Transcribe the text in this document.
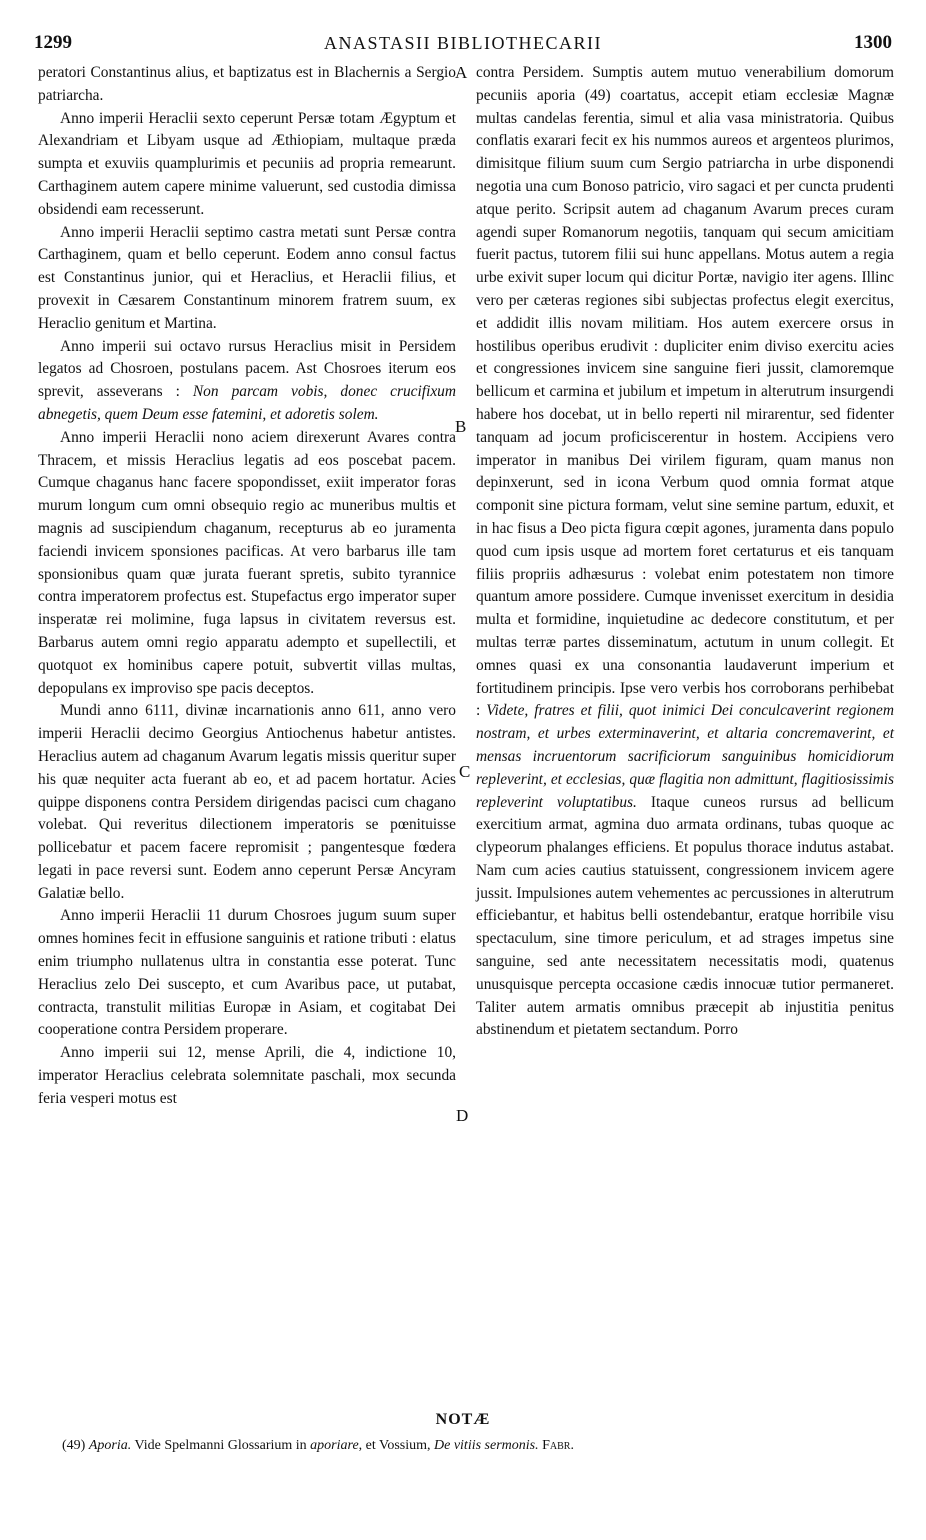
1299	ANASTASII BIBLIOTHECARII	1300

peratori Constantinus alius, et baptizatus est in Blachernis a Sergio patriarcha.

Anno imperii Heraclii sexto ceperunt Persæ totam Ægyptum et Alexandriam et Libyam usque ad Æthiopiam, multaque præda sumpta et exuviis quamplurimis et pecuniis ad propria remearunt. Carthaginem autem capere minime valuerunt, sed custodia dimissa obsidendi eam recesserunt.

Anno imperii Heraclii septimo castra metati sunt Persæ contra Carthaginem, quam et bello ceperunt. Eodem anno consul factus est Constantinus junior, qui et Heraclius, et Heraclii filius, et provexit in Cæsarem Constantinum minorem fratrem suum, ex Heraclio genitum et Martina.

Anno imperii sui octavo rursus Heraclius misit in Persidem legatos ad Chosroen, postulans pacem. Ast Chosroes iterum eos sprevit, asseverans : Non parcam vobis, donec crucifixum abnegetis, quem Deum esse fatemini, et adoretis solem.

Anno imperii Heraclii nono aciem direxerunt Avares contra Thracem, et missis Heraclius legatis ad eos poscebat pacem. Cumque chaganus hanc facere spopondisset, exiit imperator foras murum longum cum omni obsequio regio ac muneribus multis et magnis ad suscipiendum chaganum, recepturus ab eo juramenta faciendi invicem sponsiones pacificas. At vero barbarus ille tam sponsionibus quam quæ jurata fuerant spretis, subito tyrannice contra imperatorem profectus est. Stupefactus ergo imperator super insperatæ rei molimine, fuga lapsus in civitatem reversus est. Barbarus autem omni regio apparatu adempto et supellectili, et quotquot ex hominibus capere potuit, subvertit villas multas, depopulans ex improviso spe pacis deceptos.

Mundi anno 6111, divinæ incarnationis anno 611, anno vero imperii Heraclii decimo Georgius Antiochenus habetur antistes. Heraclius autem ad chaganum Avarum legatis missis queritur super his quæ nequiter acta fuerant ab eo, et ad pacem hortatur. Acies quippe disponens contra Persidem dirigendas pacisci cum chagano volebat. Qui reveritus dilectionem imperatoris se pœnituisse pollicebatur et pacem facere repromisit ; pangentesque fœdera legati in pace reversi sunt. Eodem anno ceperunt Persæ Ancyram Galatiæ bello.

Anno imperii Heraclii 11 durum Chosroes jugum suum super omnes homines fecit in effusione sanguinis et ratione tributi : elatus enim triumpho nullatenus ultra in constantia esse poterat. Tunc Heraclius zelo Dei suscepto, et cum Avaribus pace, ut putabat, contracta, transtulit militias Europæ in Asiam, et cogitabat Dei cooperatione contra Persidem properare.

Anno imperii sui 12, mense Aprili, die 4, indictione 10, imperator Heraclius celebrata solemnitate paschali, mox secunda feria vesperi motus est

A
B
C
D

contra Persidem. Sumptis autem mutuo venerabilium domorum pecuniis aporia (49) coartatus, accepit etiam ecclesiæ Magnæ multas candelas ferentia, simul et alia vasa ministratoria. Quibus conflatis exarari fecit ex his nummos aureos et argenteos plurimos, dimisitque filium suum cum Sergio patriarcha in urbe disponendi negotia una cum Bonoso patricio, viro sagaci et per cuncta prudenti atque perito. Scripsit autem ad chaganum Avarum preces curam agendi super Romanorum negotiis, tanquam qui secum amicitiam fuerit pactus, tutorem filii sui hunc appellans. Motus autem a regia urbe exivit super locum qui dicitur Portæ, navigio iter agens. Illinc vero per cæteras regiones sibi subjectas profectus elegit exercitus, et addidit illis novam militiam. Hos autem exercere orsus in hostilibus operibus erudivit : dupliciter enim diviso exercitu acies et congressiones invicem sine sanguine fieri jussit, clamoremque bellicum et carmina et jubilum et impetum in alterutrum insurgendi habere hos docebat, ut in bello reperti nil mirarentur, sed fidenter tanquam ad jocum proficiscerentur in hostem. Accipiens vero imperator in manibus Dei virilem figuram, quam manus non depinxerunt, sed in icona Verbum quod omnia format atque componit sine pictura formam, velut sine semine partum, eduxit, et in hac fisus a Deo picta figura cœpit agones, juramenta dans populo quod cum ipsis usque ad mortem foret certaturus et eis tanquam filiis propriis adhæsurus : volebat enim potestatem non timore quantum amore possidere. Cumque invenisset exercitum in desidia multa et formidine, inquietudine ac dedecore constitutum, et per multas terræ partes disseminatum, actutum in unum collegit. Et omnes quasi ex una consonantia laudaverunt imperium et fortitudinem principis. Ipse vero verbis hos corroborans perhibebat : Videte, fratres et filii, quot inimici Dei conculcaverint regionem nostram, et urbes exterminaverint, et altaria concremaverint, et mensas incruentorum sacrificiorum sanguinibus homicidiorum repleverint, et ecclesias, quæ flagitia non admittunt, flagitiosissimis repleverint voluptatibus. Itaque cuneos rursus ad bellicum exercitium armat, agmina duo armata ordinans, tubas quoque ac clypeorum phalanges efficiens. Et populus thorace indutus astabat. Nam cum acies cautius statuissent, congressionem invicem agere jussit. Impulsiones autem vehementes ac percussiones in alterutrum efficiebantur, et habitus belli ostendebantur, eratque horribile visu spectaculum, sine timore periculum, et ad strages impetus sine sanguine, sed ante necessitatem necessitatis modi, quatenus unusquisque percepta occasione cædis innocuæ tutior permaneret. Taliter autem armatis omnibus præcepit ab injustitia penitus abstinendum et pietatem sectandum. Porro

NOTÆ
(49) Aporia. Vide Spelmanni Glossarium in aporiare, et Vossium, De vitiis sermonis. Fabr.
